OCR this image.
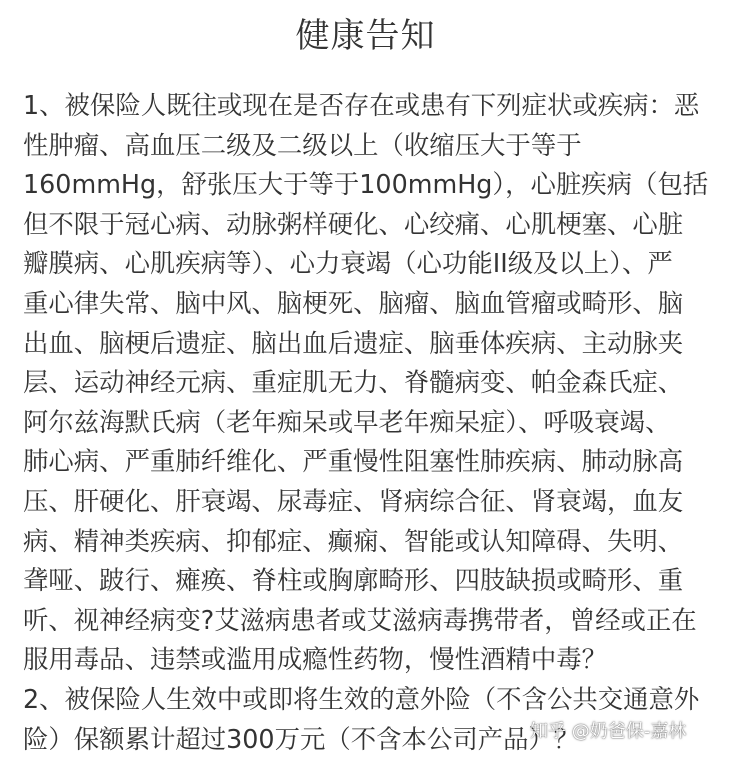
健康告知
1、被保险人既往或现在是否存在或患有下列症状或疾病：恶
性肿瘤、高血压二级及二级以上（收缩压大于等于
160mmHg，舒张压大于等于100mmHg），心脏疾病（包括
但不限于冠心病、动脉粥样硬化、心绞痛、心肌梗塞、心脏
瓣膜病、心肌疾病等）、心力衰竭（心功能II级及以上）、严
重心律失常、脑中风、脑梗死、脑瘤、脑血管瘤或畸形、脑
出血、脑梗后遗症、脑出血后遗症、脑垂体疾病、主动脉夹
层、运动神经元病、重症肌无力、脊髓病变、帕金森氏症、
阿尔兹海默氏病（老年痴呆或早老年痴呆症）、呼吸衰竭、
肺心病、严重肺纤维化、严重慢性阻塞性肺疾病、肺动脉高
压、肝硬化、肝衰竭、尿毒症、肾病综合征、肾衰竭，血友
病、精神类疾病、抑郁症、癫痫、智能或认知障碍、失明、
聋哑、跛行、瘫痪、脊柱或胸廓畸形、四肢缺损或畸形、重
听、视神经病变?艾滋病患者或艾滋病毒携带者，曾经或正在
服用毒品、违禁或滥用成瘾性药物，慢性酒精中毒？
2、被保险人生效中或即将生效的意外险（不含公共交通意外
险）保额累计超过300万元（不含本公司产品）？
知乎 @奶爸保-嘉林
